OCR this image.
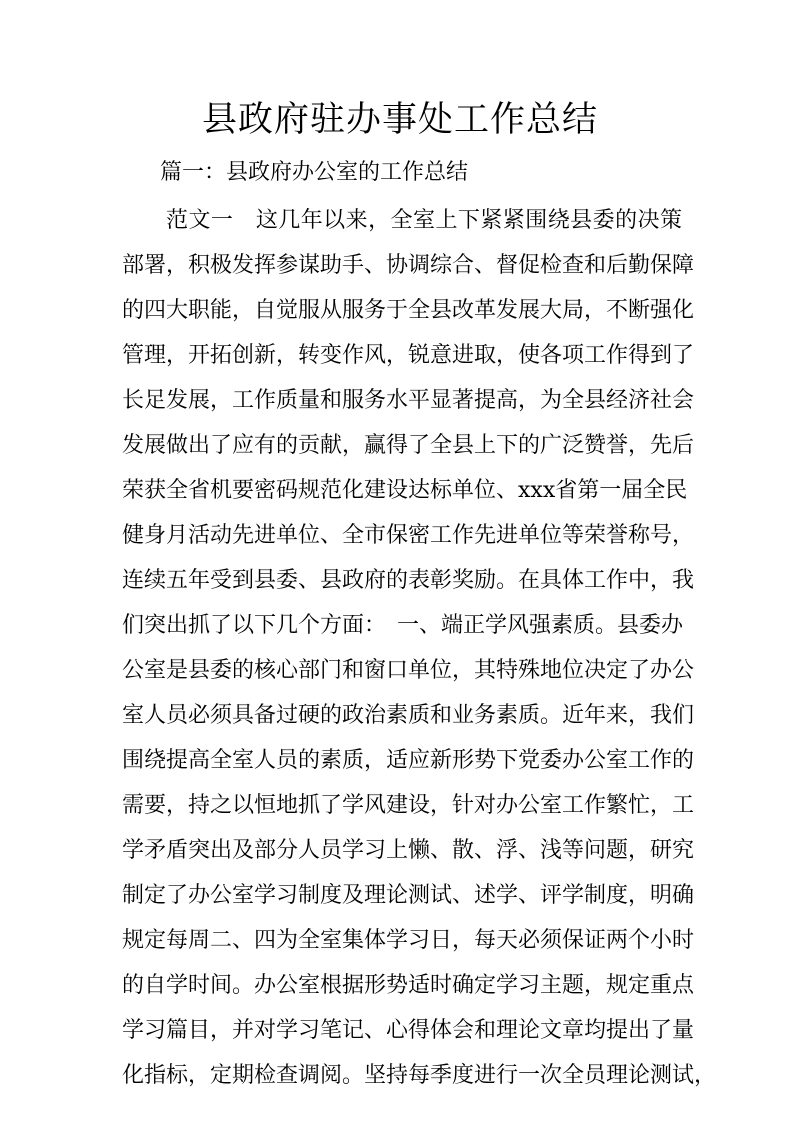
县政府驻办事处工作总结

篇一：县政府办公室的工作总结

范文一　这几年以来，全室上下紧紧围绕县委的决策
部署，积极发挥参谋助手、协调综合、督促检查和后勤保障
的四大职能，自觉服从服务于全县改革发展大局，不断强化
管理，开拓创新，转变作风，锐意进取，使各项工作得到了
长足发展，工作质量和服务水平显著提高，为全县经济社会
发展做出了应有的贡献，赢得了全县上下的广泛赞誉，先后
荣获全省机要密码规范化建设达标单位、xxx省第一届全民
健身月活动先进单位、全市保密工作先进单位等荣誉称号，
连续五年受到县委、县政府的表彰奖励。在具体工作中，我
们突出抓了以下几个方面：　一、端正学风强素质。县委办
公室是县委的核心部门和窗口单位，其特殊地位决定了办公
室人员必须具备过硬的政治素质和业务素质。近年来，我们
围绕提高全室人员的素质，适应新形势下党委办公室工作的
需要，持之以恒地抓了学风建设，针对办公室工作繁忙，工
学矛盾突出及部分人员学习上懒、散、浮、浅等问题，研究
制定了办公室学习制度及理论测试、述学、评学制度，明确
规定每周二、四为全室集体学习日，每天必须保证两个小时
的自学时间。办公室根据形势适时确定学习主题，规定重点
学习篇目，并对学习笔记、心得体会和理论文章均提出了量
化指标，定期检查调阅。坚持每季度进行一次全员理论测试，
